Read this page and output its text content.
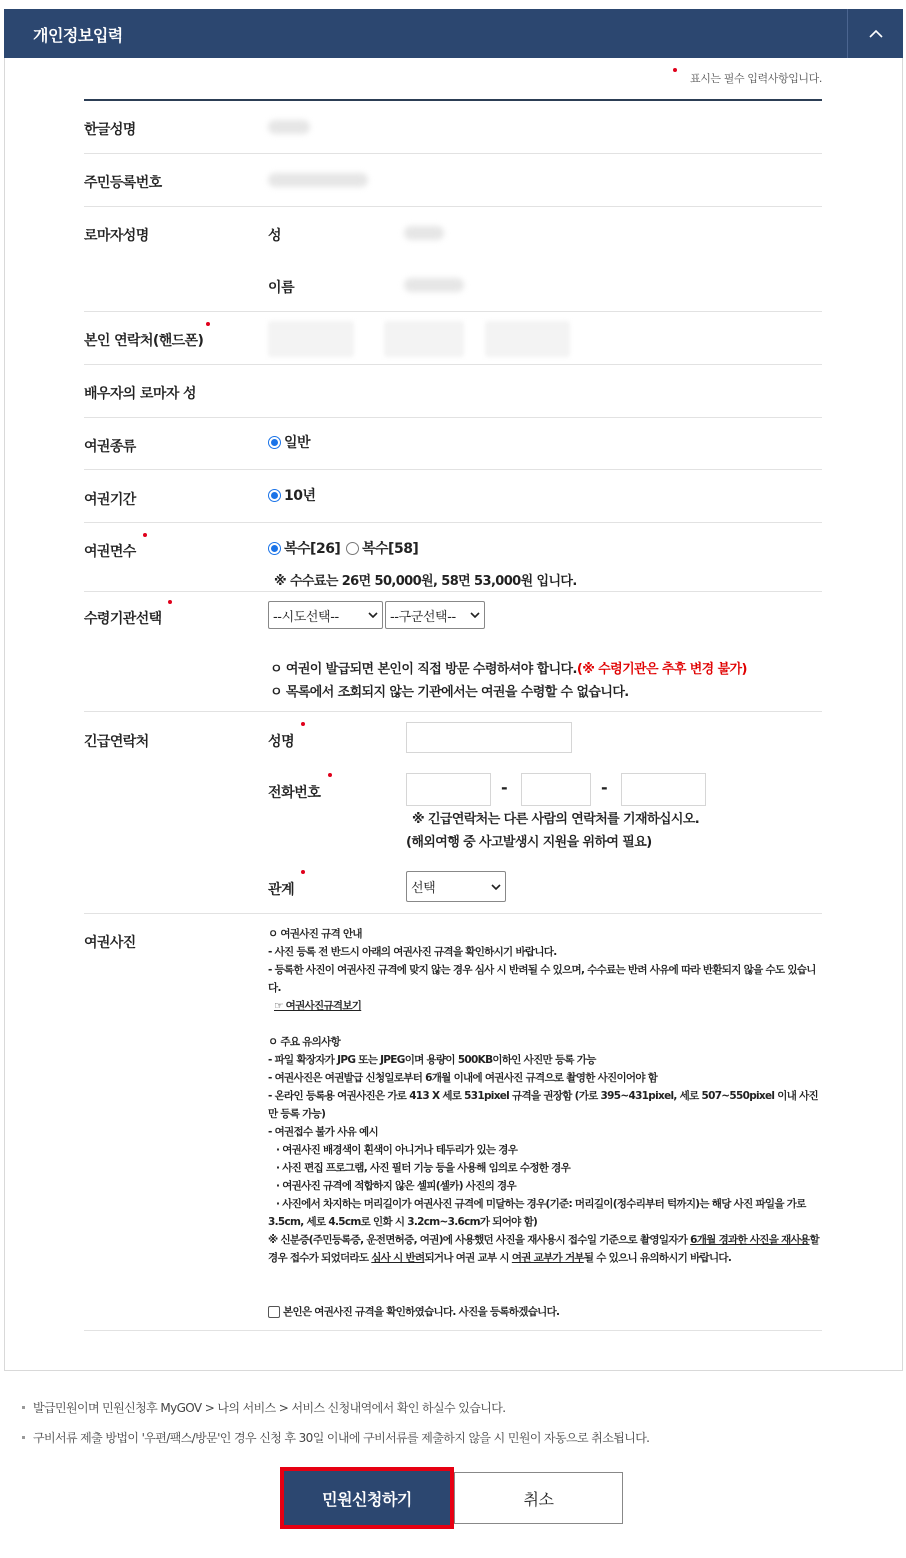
개인정보입력
표시는 필수 입력사항입니다.
한글성명
주민등록번호
로마자성명	성
이름
본인 연락처(핸드폰)
배우자의 로마자 성
여권종류	일반
여권기간	10년
여권면수	복수[26] 복수[58]
※ 수수료는 26면 50,000원, 58면 53,000원 입니다.
수령기관선택	--시도선택--	--구군선택--
ㅇ 여권이 발급되면 본인이 직접 방문 수령하셔야 합니다.(※ 수령기관은 추후 변경 불가)
ㅇ 목록에서 조회되지 않는 기관에서는 여권을 수령할 수 없습니다.
긴급연락처	성명
전화번호	-	-
※ 긴급연락처는 다른 사람의 연락처를 기재하십시오.
(해외여행 중 사고발생시 지원을 위하여 필요)
관계	선택
여권사진

ㅇ 여권사진 규격 안내

- 사진 등록 전 반드시 아래의 여권사진 규격을 확인하시기 바랍니다.

- 등록한 사진이 여권사진 규격에 맞지 않는 경우 심사 시 반려될 수 있으며, 수수료는 반려 사유에 따라 반환되지 않을 수도 있습니다.

☞ 여권사진규격보기

ㅇ 주요 유의사항

- 파일 확장자가 JPG 또는 JPEG이며 용량이 500KB이하인 사진만 등록 가능

- 여권사진은 여권발급 신청일로부터 6개월 이내에 여권사진 규격으로 촬영한 사진이어야 함

- 온라인 등록용 여권사진은 가로 413 X 세로 531pixel 규격을 권장함 (가로 395~431pixel, 세로 507~550pixel 이내 사진만 등록 가능)

- 여권접수 불가 사유 예시

· 여권사진 배경색이 흰색이 아니거나 테두리가 있는 경우

· 사진 편집 프로그램, 사진 필터 기능 등을 사용해 임의로 수정한 경우

· 여권사진 규격에 적합하지 않은 셀피(셀카) 사진의 경우

· 사진에서 차지하는 머리길이가 여권사진 규격에 미달하는 경우(기준: 머리길이(정수리부터 턱까지)는 해당 사진 파일을 가로 3.5cm, 세로 4.5cm로 인화 시 3.2cm~3.6cm가 되어야 함)

※ 신분증(주민등록증, 운전면허증, 여권)에 사용했던 사진을 재사용시 접수일 기준으로 촬영일자가 6개월 경과한 사진을 재사용할 경우 접수가 되었더라도 심사 시 반려되거나 여권 교부 시 여권 교부가 거부될 수 있으니 유의하시기 바랍니다.

본인은 여권사진 규격을 확인하였습니다. 사진을 등록하겠습니다.
발급민원이며 민원신청후 MyGOV > 나의 서비스 > 서비스 신청내역에서 확인 하실수 있습니다.
구비서류 제출 방법이 '우편/팩스/방문'인 경우 신청 후 30일 이내에 구비서류를 제출하지 않을 시 민원이 자동으로 취소됩니다.
민원신청하기	취소
